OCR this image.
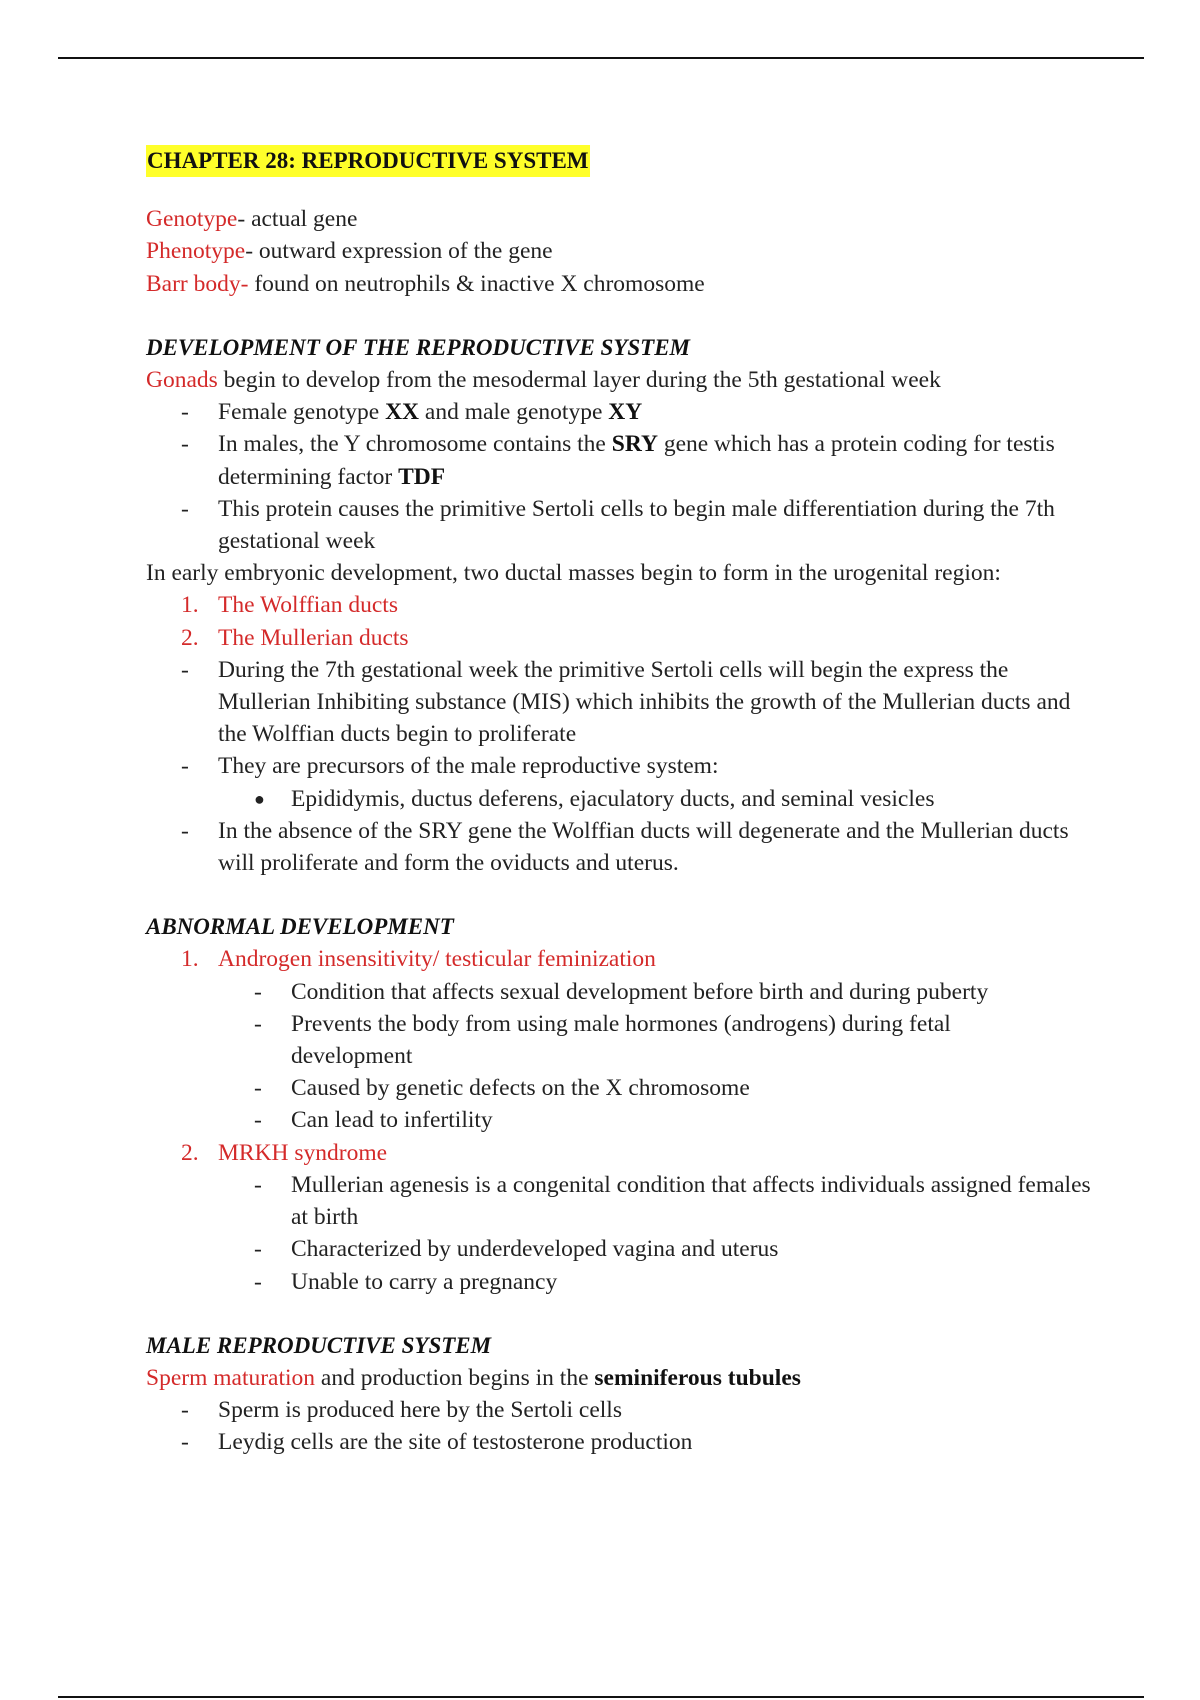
CHAPTER 28: REPRODUCTIVE SYSTEM
Genotype- actual gene
Phenotype- outward expression of the gene
Barr body- found on neutrophils & inactive X chromosome
DEVELOPMENT OF THE REPRODUCTIVE SYSTEM
Gonads begin to develop from the mesodermal layer during the 5th gestational week
- Female genotype XX and male genotype XY
- In males, the Y chromosome contains the SRY gene which has a protein coding for testis determining factor TDF
- This protein causes the primitive Sertoli cells to begin male differentiation during the 7th gestational week
In early embryonic development, two ductal masses begin to form in the urogenital region:
1. The Wolffian ducts
2. The Mullerian ducts
- During the 7th gestational week the primitive Sertoli cells will begin the express the Mullerian Inhibiting substance (MIS) which inhibits the growth of the Mullerian ducts and the Wolffian ducts begin to proliferate
- They are precursors of the male reproductive system:
● Epididymis, ductus deferens, ejaculatory ducts, and seminal vesicles
- In the absence of the SRY gene the Wolffian ducts will degenerate and the Mullerian ducts will proliferate and form the oviducts and uterus.
ABNORMAL DEVELOPMENT
1. Androgen insensitivity/ testicular feminization
- Condition that affects sexual development before birth and during puberty
- Prevents the body from using male hormones (androgens) during fetal development
- Caused by genetic defects on the X chromosome
- Can lead to infertility
2. MRKH syndrome
- Mullerian agenesis is a congenital condition that affects individuals assigned females at birth
- Characterized by underdeveloped vagina and uterus
- Unable to carry a pregnancy
MALE REPRODUCTIVE SYSTEM
Sperm maturation and production begins in the seminiferous tubules
- Sperm is produced here by the Sertoli cells
- Leydig cells are the site of testosterone production
